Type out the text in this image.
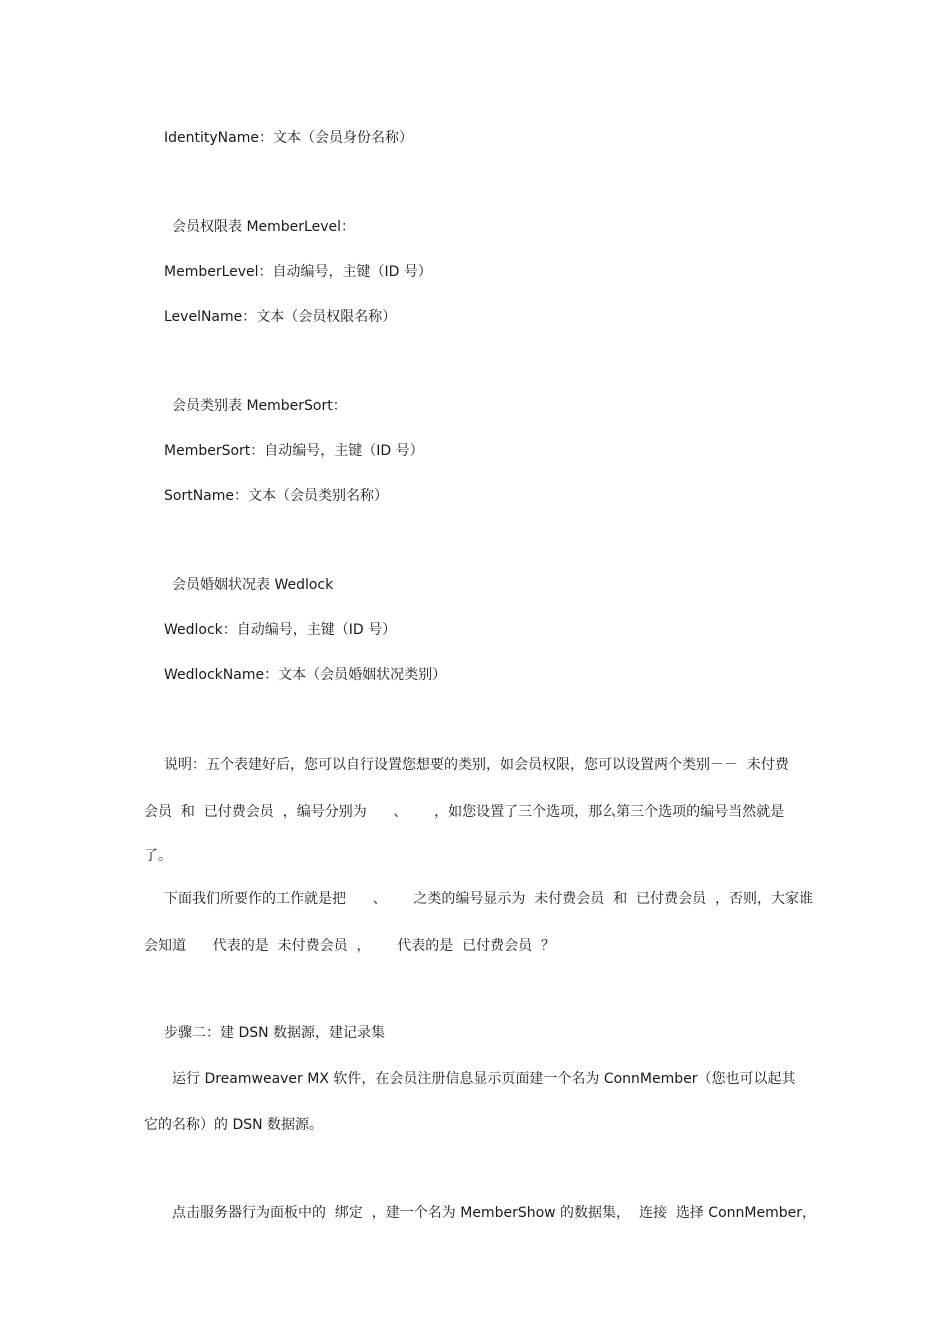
IdentityName：文本（会员身份名称）
会员权限表 MemberLevel：
MemberLevel：自动编号，主键（ID 号）
LevelName：文本（会员权限名称）
会员类别表 MemberSort：
MemberSort：自动编号，主键（ID 号）
SortName：文本（会员类别名称）
会员婚姻状况表 Wedlock
Wedlock：自动编号，主键（ID 号）
WedlockName：文本（会员婚姻状况类别）
说明：五个表建好后，您可以自行设置您想要的类别，如会员权限，您可以设置两个类别－－  未付费
会员  和  已付费会员  ，编号分别为      、      ，如您设置了三个选项，那么第三个选项的编号当然就是
了。
下面我们所要作的工作就是把      、      之类的编号显示为  未付费会员  和  已付费会员  ，否则，大家谁
会知道      代表的是  未付费会员  ，      代表的是  已付费会员  ？
步骤二：建 DSN 数据源，建记录集
运行 Dreamweaver MX 软件，在会员注册信息显示页面建一个名为 ConnMember（您也可以起其
它的名称）的 DSN 数据源。
点击服务器行为面板中的  绑定  ，建一个名为 MemberShow 的数据集，  连接  选择 ConnMember，
